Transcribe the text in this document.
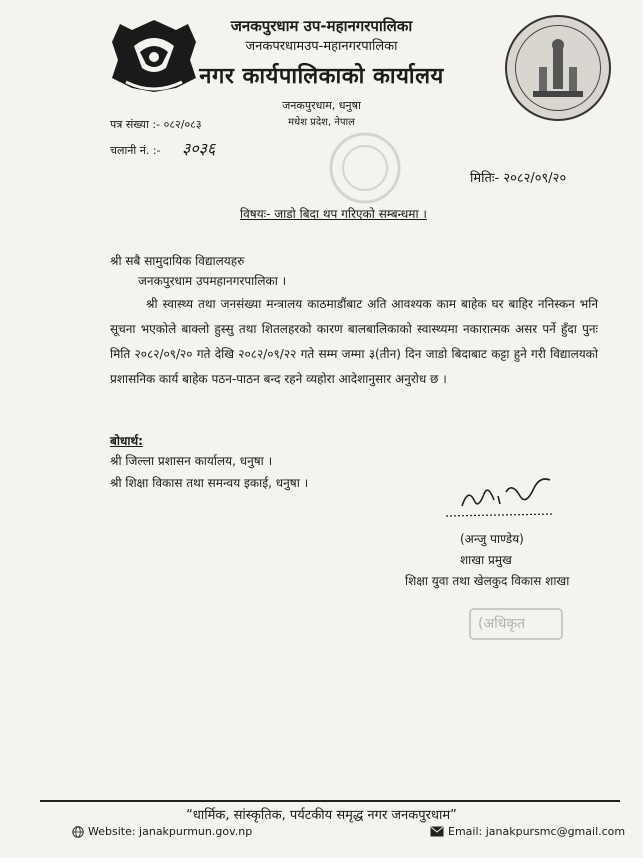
जनकपुरधाम उप-महानगरपालिका
जनकपरधामउप-महानगरपालिका
नगर कार्यपालिकाको कार्यालय
जनकपुरधाम, धनुषा
मधेश प्रदेश, नेपाल
पत्र संख्या :- ०८२/०८३
चलानी नं. :- ३०३६
मितिः- २०८२/०९/२०
विषयः- जाडो बिदा थप गरिएको सम्बन्धमा ।
श्री सबै सामुदायिक विद्यालयहरु
जनकपुरधाम उपमहानगरपालिका ।
श्री स्वास्थ्य तथा जनसंख्या मन्त्रालय काठमाडौंबाट अति आवश्यक काम बाहेक घर बाहिर ननिस्कन भनि सूचना भएकोले बाक्लो हुस्सु तथा शितलहरको कारण बालबालिकाको स्वास्थ्यमा नकारात्मक असर पर्ने हुँदा पुनः मिति २०८२/०९/२० गते देखि २०८२/०९/२२ गते सम्म जम्मा ३(तीन) दिन जाडो बिदाबाट कट्टा हुने गरी विद्यालयको प्रशासनिक कार्य बाहेक पठन-पाठन बन्द रहने व्यहोरा आदेशानुसार अनुरोध छ ।
बोधार्थ:
श्री जिल्ला प्रशासन कार्यालय, धनुषा ।
श्री शिक्षा विकास तथा समन्वय इकाई, धनुषा ।
(अन्जु पाण्डेय)
शाखा प्रमुख
शिक्षा युवा तथा खेलकुद विकास शाखा
(अधिकृत
“धार्मिक, सांस्कृतिक, पर्यटकीय समृद्ध नगर जनकपुरधाम”
Website: janakpurmun.gov.np	Email: janakpursmc@gmail.com
